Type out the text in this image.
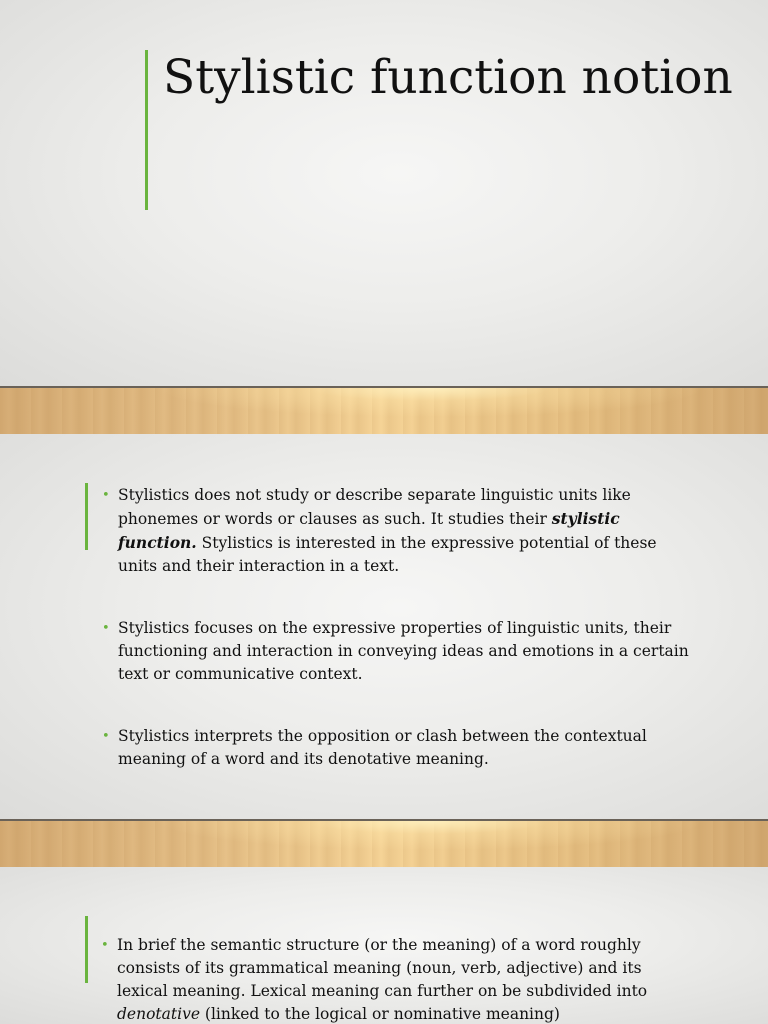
Stylistic function notion
• Stylistics does not study or describe separate linguistic units like phonemes or words or clauses as such. It studies their stylistic function. Stylistics is interested in the expressive potential of these units and their interaction in a text.
• Stylistics focuses on the expressive properties of linguistic units, their functioning and interaction in conveying ideas and emotions in a certain text or communicative context.
• Stylistics interprets the opposition or clash between the contextual meaning of a word and its denotative meaning.
• In brief the semantic structure (or the meaning) of a word roughly consists of its grammatical meaning (noun, verb, adjective) and its lexical meaning. Lexical meaning can further on be subdivided into denotative (linked to the logical or nominative meaning)
